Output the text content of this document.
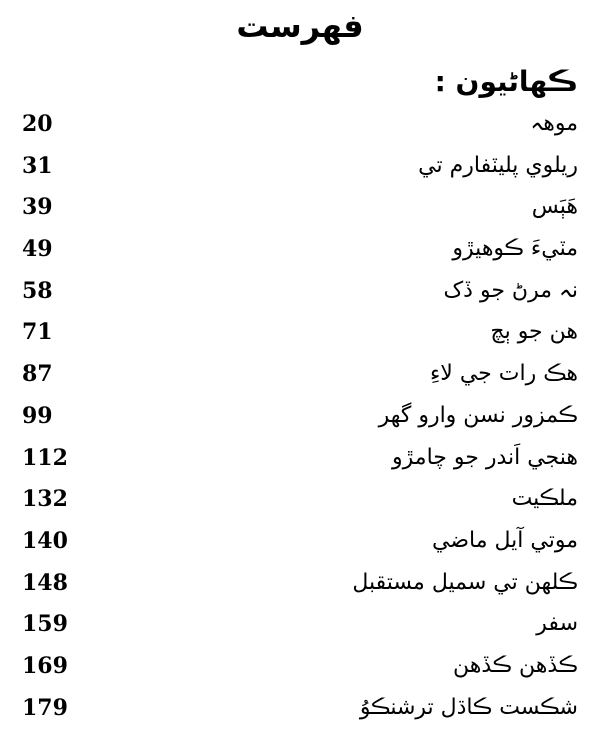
فهرست
ڪھاڻيون :
موھہ
20
ريلوي پليٽفارم تي
31
ھَٻَس
39
مٽيءَ ڪوھيڙو
49
نہ مرڻ جو ڏک
58
ھن جو ٻچ
71
ھڪ رات جي لاءِ
87
ڪمزور نسن وارو گهر
99
هنجي اَندر جو چامڙو
112
ملڪيت
132
موتي آيل ماضي
140
ڪلهن تي سميل مستقبل
148
سفر
159
ڪڏهن ڪڏهن
169
شڪست ڪاڌل ترشنڪوُ
179
